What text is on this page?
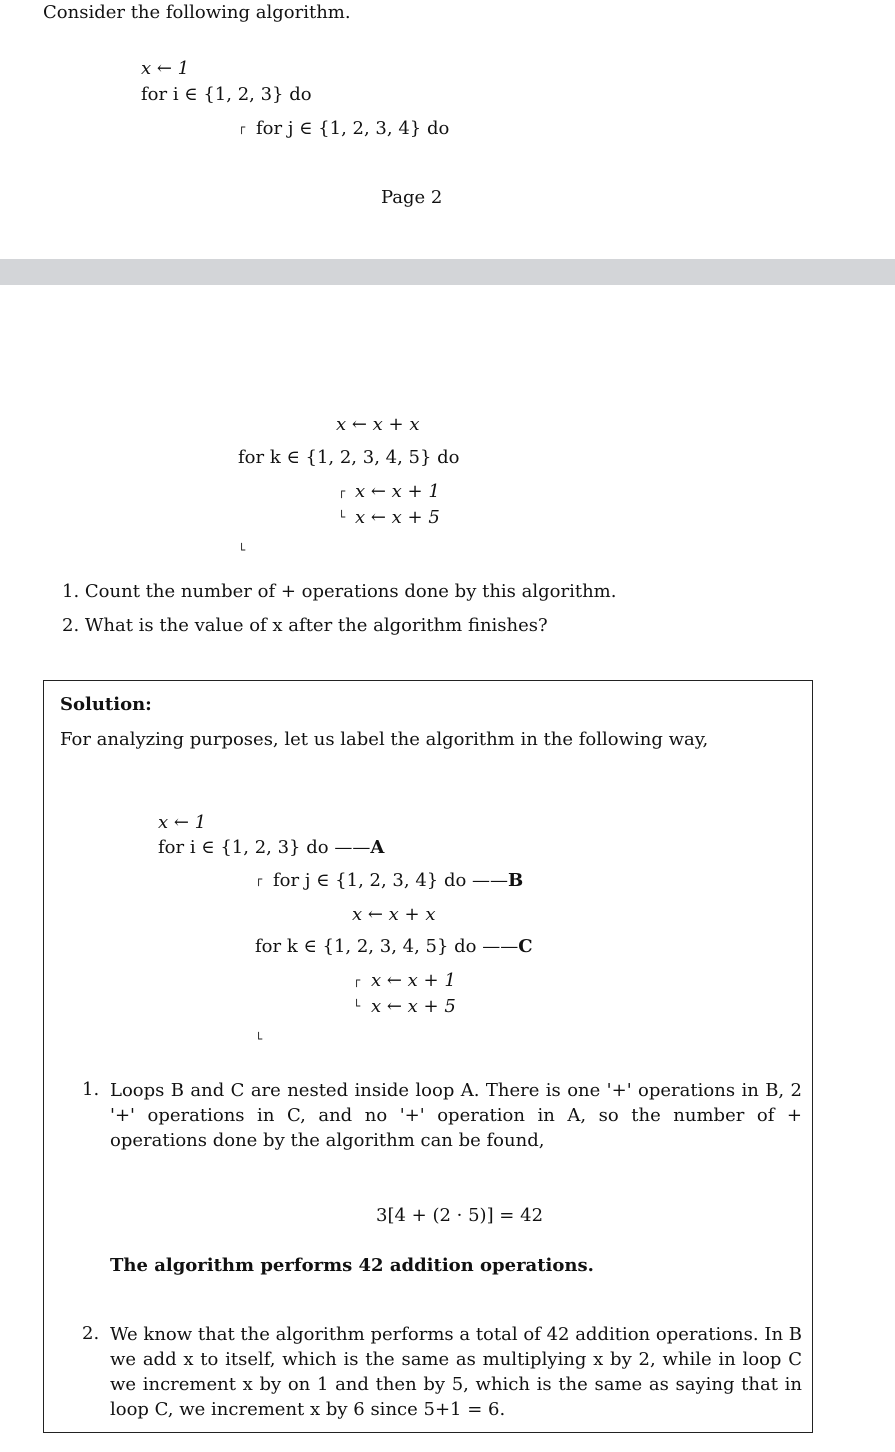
Consider the following algorithm.
x ← 1
for i ∈ {1, 2, 3} do
┌ for j ∈ {1, 2, 3, 4} do
Page 2
x ← x + x
for k ∈ {1, 2, 3, 4, 5} do
┌ x ← x + 1
└ x ← x + 5
└
1. Count the number of + operations done by this algorithm.
2. What is the value of x after the algorithm finishes?
Solution:
For analyzing purposes, let us label the algorithm in the following way,
x ← 1
for i ∈ {1, 2, 3} do ——A
┌ for j ∈ {1, 2, 3, 4} do ——B
x ← x + x
for k ∈ {1, 2, 3, 4, 5} do ——C
┌ x ← x + 1
└ x ← x + 5
└
1. Loops B and C are nested inside loop A. There is one '+' operations in B, 2 '+' operations in C, and no '+' operation in A, so the number of + operations done by the algorithm can be found,
3[4 + (2 · 5)] = 42
The algorithm performs 42 addition operations.
2. We know that the algorithm performs a total of 42 addition operations. In B we add x to itself, which is the same as multiplying x by 2, while in loop C we increment x by on 1 and then by 5, which is the same as saying that in loop C, we increment x by 6 since 5+1 = 6.
